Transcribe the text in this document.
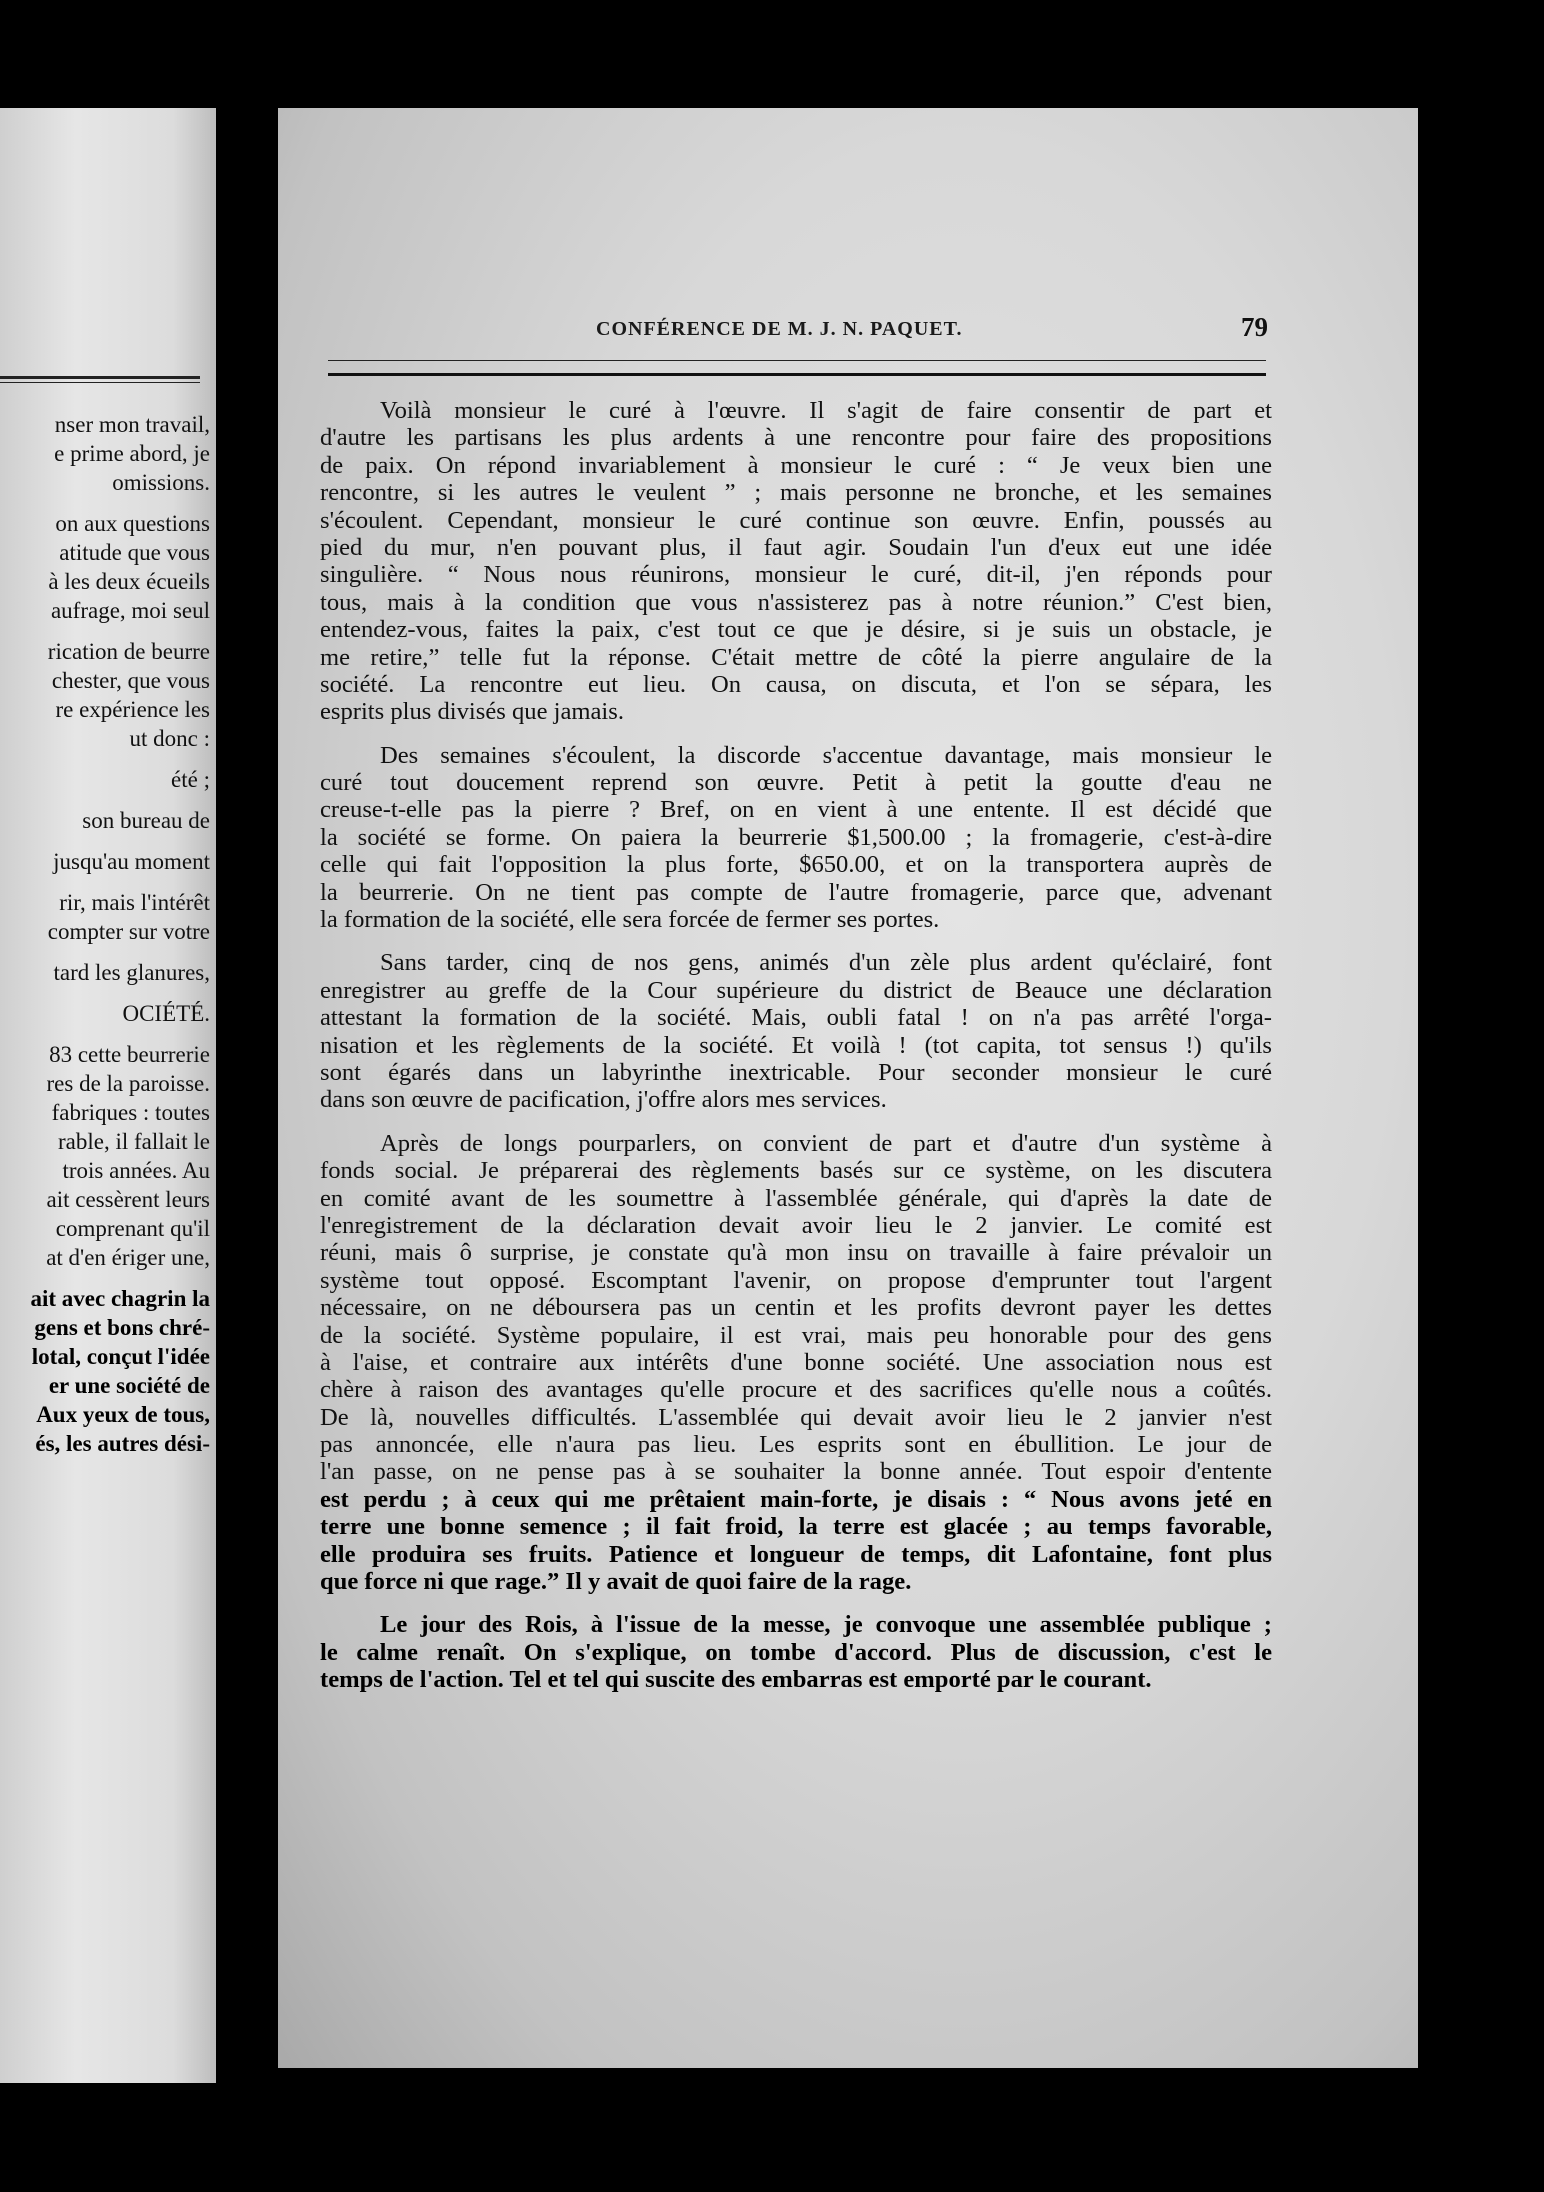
nser mon travail,
e prime abord, je
omissions.
on aux questions
atitude que vous
à les deux écueils
aufrage, moi seul
rication de beurre
chester, que vous
re expérience les
ut donc :
été ;
son bureau de
jusqu'au moment
rir, mais l'intérêt
compter sur votre
tard les glanures,
OCIÉTÉ.
83 cette beurrerie
res de la paroisse.
fabriques : toutes
rable, il fallait le
trois années. Au
ait cessèrent leurs
comprenant qu'il
at d'en ériger une,
ait avec chagrin la
gens et bons chré-
lotal, conçut l'idée
er une société de
Aux yeux de tous,
és, les autres dési-
CONFÉRENCE DE M. J. N. PAQUET.	79
Voilà monsieur le curé à l'œuvre. Il s'agit de faire consentir de part et
d'autre les partisans les plus ardents à une rencontre pour faire des propositions
de paix. On répond invariablement à monsieur le curé : “ Je veux bien une
rencontre, si les autres le veulent ” ; mais personne ne bronche, et les semaines
s'écoulent. Cependant, monsieur le curé continue son œuvre. Enfin, poussés au
pied du mur, n'en pouvant plus, il faut agir. Soudain l'un d'eux eut une idée
singulière. “ Nous nous réunirons, monsieur le curé, dit-il, j'en réponds pour
tous, mais à la condition que vous n'assisterez pas à notre réunion.” C'est bien,
entendez-vous, faites la paix, c'est tout ce que je désire, si je suis un obstacle, je
me retire,” telle fut la réponse. C'était mettre de côté la pierre angulaire de la
société. La rencontre eut lieu. On causa, on discuta, et l'on se sépara, les
esprits plus divisés que jamais.
Des semaines s'écoulent, la discorde s'accentue davantage, mais monsieur le
curé tout doucement reprend son œuvre. Petit à petit la goutte d'eau ne
creuse-t-elle pas la pierre ? Bref, on en vient à une entente. Il est décidé que
la société se forme. On paiera la beurrerie $1,500.00 ; la fromagerie, c'est-à-dire
celle qui fait l'opposition la plus forte, $650.00, et on la transportera auprès de
la beurrerie. On ne tient pas compte de l'autre fromagerie, parce que, advenant
la formation de la société, elle sera forcée de fermer ses portes.
Sans tarder, cinq de nos gens, animés d'un zèle plus ardent qu'éclairé, font
enregistrer au greffe de la Cour supérieure du district de Beauce une déclaration
attestant la formation de la société. Mais, oubli fatal ! on n'a pas arrêté l'orga-
nisation et les règlements de la société. Et voilà ! (tot capita, tot sensus !) qu'ils
sont égarés dans un labyrinthe inextricable. Pour seconder monsieur le curé
dans son œuvre de pacification, j'offre alors mes services.
Après de longs pourparlers, on convient de part et d'autre d'un système à
fonds social. Je préparerai des règlements basés sur ce système, on les discutera
en comité avant de les soumettre à l'assemblée générale, qui d'après la date de
l'enregistrement de la déclaration devait avoir lieu le 2 janvier. Le comité est
réuni, mais ô surprise, je constate qu'à mon insu on travaille à faire prévaloir un
système tout opposé. Escomptant l'avenir, on propose d'emprunter tout l'argent
nécessaire, on ne déboursera pas un centin et les profits devront payer les dettes
de la société. Système populaire, il est vrai, mais peu honorable pour des gens
à l'aise, et contraire aux intérêts d'une bonne société. Une association nous est
chère à raison des avantages qu'elle procure et des sacrifices qu'elle nous a coûtés.
De là, nouvelles difficultés. L'assemblée qui devait avoir lieu le 2 janvier n'est
pas annoncée, elle n'aura pas lieu. Les esprits sont en ébullition. Le jour de
l'an passe, on ne pense pas à se souhaiter la bonne année. Tout espoir d'entente
est perdu ; à ceux qui me prêtaient main-forte, je disais : “ Nous avons jeté en
terre une bonne semence ; il fait froid, la terre est glacée ; au temps favorable,
elle produira ses fruits. Patience et longueur de temps, dit Lafontaine, font plus
que force ni que rage.” Il y avait de quoi faire de la rage.
Le jour des Rois, à l'issue de la messe, je convoque une assemblée publique ;
le calme renaît. On s'explique, on tombe d'accord. Plus de discussion, c'est le
temps de l'action. Tel et tel qui suscite des embarras est emporté par le courant.
